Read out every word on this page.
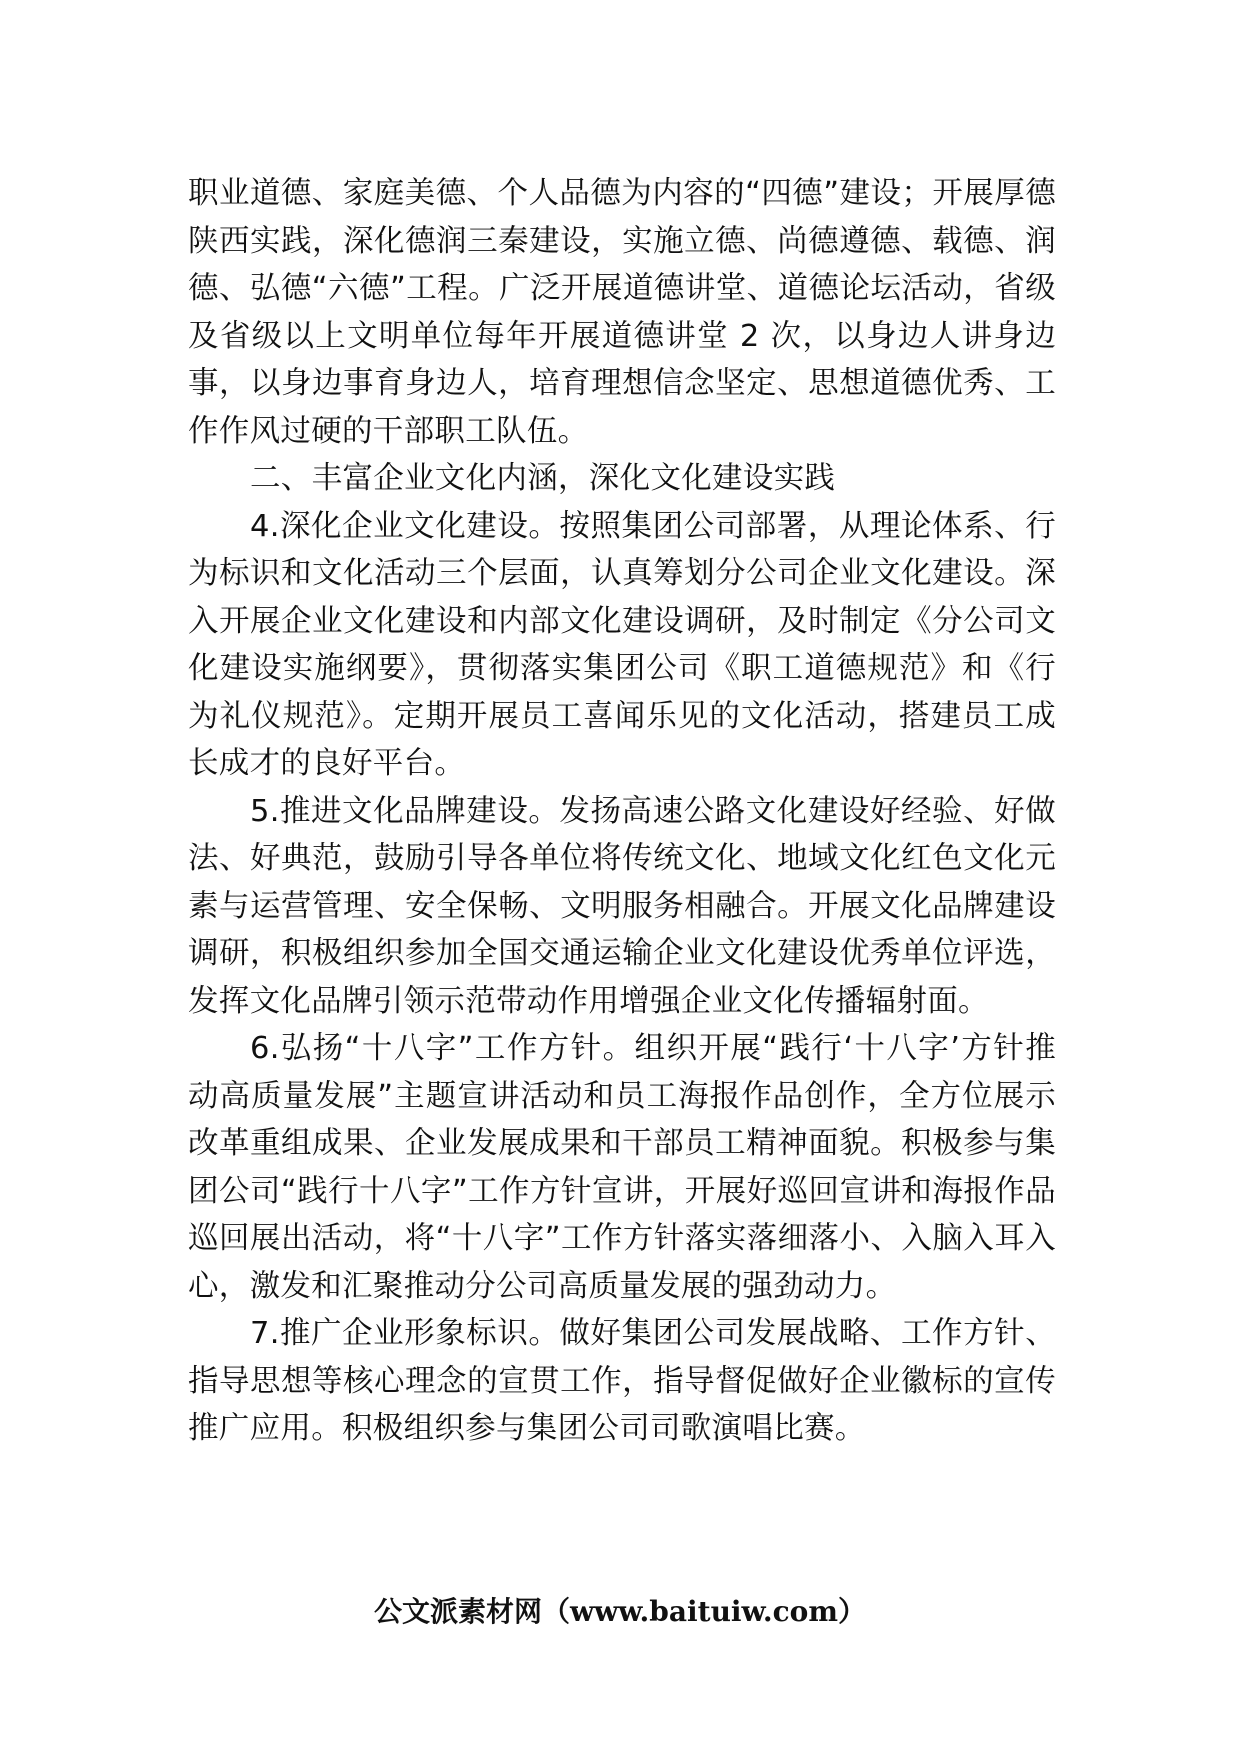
职业道德、家庭美德、个人品德为内容的“四德”建设；开展厚德陕西实践，深化德润三秦建设，实施立德、尚德遵德、载德、润德、弘德“六德”工程。广泛开展道德讲堂、道德论坛活动，省级及省级以上文明单位每年开展道德讲堂 2 次，以身边人讲身边事，以身边事育身边人，培育理想信念坚定、思想道德优秀、工作作风过硬的干部职工队伍。

二、丰富企业文化内涵，深化文化建设实践

4.深化企业文化建设。按照集团公司部署，从理论体系、行为标识和文化活动三个层面，认真筹划分公司企业文化建设。深入开展企业文化建设和内部文化建设调研，及时制定《分公司文化建设实施纲要》，贯彻落实集团公司《职工道德规范》和《行为礼仪规范》。定期开展员工喜闻乐见的文化活动，搭建员工成长成才的良好平台。

5.推进文化品牌建设。发扬高速公路文化建设好经验、好做法、好典范，鼓励引导各单位将传统文化、地域文化红色文化元素与运营管理、安全保畅、文明服务相融合。开展文化品牌建设调研，积极组织参加全国交通运输企业文化建设优秀单位评选，发挥文化品牌引领示范带动作用增强企业文化传播辐射面。

6.弘扬“十八字”工作方针。组织开展“践行‘十八字’方针推动高质量发展”主题宣讲活动和员工海报作品创作，全方位展示改革重组成果、企业发展成果和干部员工精神面貌。积极参与集团公司“践行十八字”工作方针宣讲，开展好巡回宣讲和海报作品巡回展出活动，将“十八字”工作方针落实落细落小、入脑入耳入心，激发和汇聚推动分公司高质量发展的强劲动力。

7.推广企业形象标识。做好集团公司发展战略、工作方针、指导思想等核心理念的宣贯工作，指导督促做好企业徽标的宣传推广应用。积极组织参与集团公司司歌演唱比赛。

公文派素材网（www.baituiw.com）
